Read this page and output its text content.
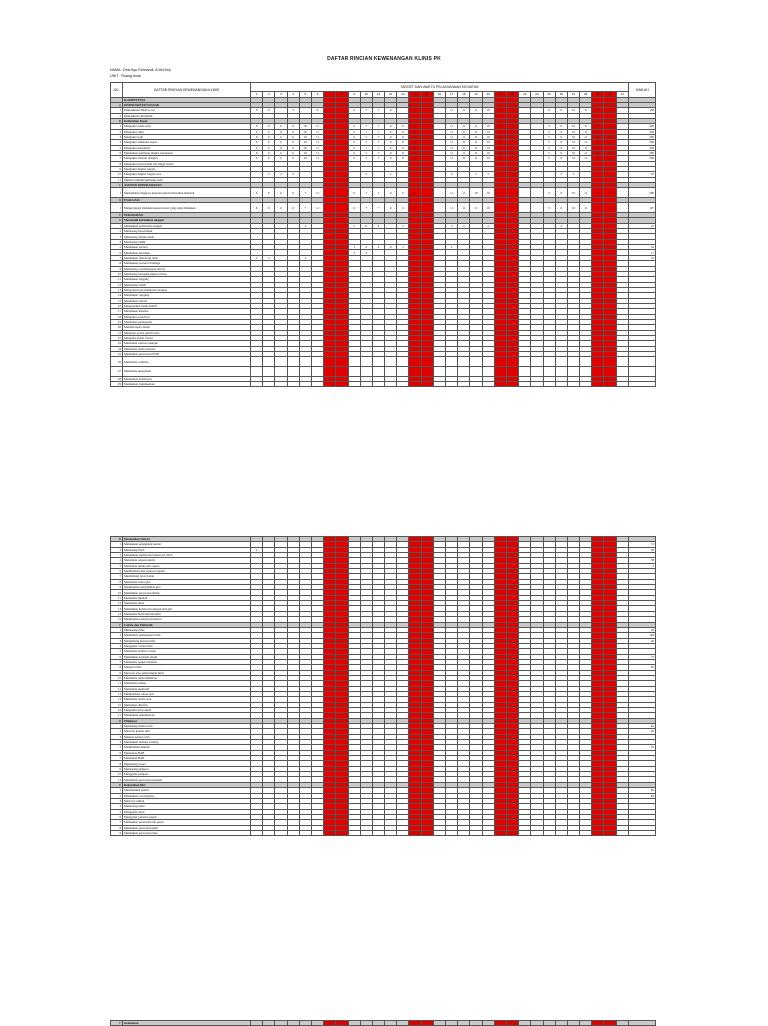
DAFTAR RINCIAN KEWENANGAN KLINIS PK
NAMA : Desi Ayu Febriandi, A.Md.Kep
UNIT : Ruang Anak
NO.	DAFTAR RINCIAN KEWENANGAN KLINIS	TARGET DAN WAKTU PELAKSANAAN KEGIATAN																															JUMLAH
		1	2	3	4	5	6	7	8	9	10	11	12	13	14	15	16	17	18	19	20	21	22	23	24	25	26	27	28	29	30	31	
	KOMPETENSI																																
A	KEPERAWATAN DASAR																																
1	Pemeriksaan Head to toe	6	6		5		6			6	7	7	9		9			11	11	11	10	9	6			6	6	10	11	11	6		158
2	Pemeriksaan Perineum																																
B	Kebutuhan Dasar																																
1	Mengukur tanda vital	6	6	6	6	10	11			6	7	7	9	9	8			11	11	11	10	9	6			5	6	10	11	11	6		200
2	Mengukur suhu	6	6	6	6	10	11			6	7	7	9	9	8			11	11	11	10	9	6			5	6	10	11	11	6		200
3	Mengukur nadi	6	6	6	6	10	11			6	7	7	9	9	8			11	11	11	10	9	6			5	6	10	11	11	6		200
4	Mengukur frekuensi napas	6	6	6	6	10	11			6	7	7	9	9	8			11	11	11	10	9	6			5	6	10	11	11	6		200
5	Mengukur kesadaran	6	6	6	6	10	11			6	7	7	9	9	8			11	11	11	10	9	6			5	6	10	11	11	6		200
6	Melakukan penilaian tingkat kesadaran	6	6	6	6	10	11			6	7	7	9	9	8			11	11	11	10	9	6			5	6	10	11	11	6		200
7	Mengukur saturasi oksigen	6	6	6	6	10	11			6	7	7	9	9	8			11	11	11	10	9	6			5	6	10	11	11	6		200
8	Mengukur berat badan dan tinggi badan																																
9	Mengukur lingkar kepala																																
10	Mengukur lingkar lengan atas		2	2	2						2		2					2		2	2	2	2				2	2					45
11	Menilai tumbuh kembang anak																																
C	ASUHAN KEPERAWATAN																																
1	Menentukan diagnosa keperawatan berdasarkan masalah	6	6	6	6	7	11			6	7	7	9	9	8			11	11	10	10	8	6			5	6	10	11	11	6		200
D	EVALUASI																																
1	Mengevaluasi tindakan keperawatan yang telah dilakukan	6	6	6	6	7	11			6	7	7	9	9	8			11	11	9	10	8	6			5	6	10	11	11	6		197
E	PERAWATAN																																
A	Memenuhi kebutuhan oksigen																																
1	Melakukan pemberian oksigen					2				5	6	6		5				3	3		2						2						47
2	Memasang nasal kanul																																
3	Memasang simple mask																																
4	Memasang NRM																																
5	Melakukan suction									3	4	6	6	3				2															34
6	Melakukan nebulizer									3	3																						17
7	Melakukan fisioterapi dada	2	2			2																											10
8	Melakukan postural drainage																																
9	Memasang oropharyngeal airway																																
10	Memasang nasopharyngeal airway																																
11	Melakukan bagging																																
12	Memasang CPAP																																
13	Mengobservasi pemberian oksigen																																
14	Melakukan clapping																																
15	Melakukan vibrasi																																
16	Mengajarkan batuk efektif																																
17	Melakukan inhalasi																																
18	Mengukur peak flow																																
19	Memantau pernapasan																																
20	Melatih napas dalam																																
21	Mengatur posisi semi fowler																																
22	Mengatur posisi fowler																																
23	Memantau saturasi oksigen																																
24	Memantau tanda sianosis																																
25	Melakukan perawatan WSD																																
26	Memantau ventilasi																																
27	Memantau oksigenasi																																
28	Melakukan kolaborasi																																
29	Melakukan dokumentasi																																
B	Pemenuhan Nutrisi																																
1	Melakukan pengkajian nutrisi																																51
2	Memasang NGT	2																															50
3	Melakukan pemberian makan per NGT																																
4	Memantau asupan nutrisi																																38
5	Memantau intake dan output																																5
6	Memberikan diet sesuai program																																
7	Menimbang berat badan																																
8	Memantau status gizi																																
9	Memberikan penyuluhan gizi																																
10	Melakukan perawatan mulut																																
11	Memantau muntah																																
12	Memantau diare																																
13	Melakukan kolaborasi dengan ahli gizi																																
14	Memantau hasil laboratorium																																
15	Memberikan nutrisi parenteral																																
C	Cairan dan Elektrolit																																
1	Memasang infus																																28
2	Melakukan pemantauan infus																																128
3	Menghitung tetesan infus																																20
4	Mengganti cairan infus																																
5	Memantau balance cairan																																
6	Melakukan transfusi darah																																75
7	Memantau reaksi transfusi																																
8	Melepas infus																																95
9	Merawat area pemasangan infus																																
10	Memantau tanda dehidrasi																																
11	Memantau edema																																
12	Memantau elektrolit																																
13	Memberikan cairan oral																																
14	Memantau tanda syok																																
15	Memantau diuresis																																
16	Mengukur urin output																																
17	Melakukan dokumentasi																																
D	Eliminasi																																
1	Memasang kateter urin																																44
2	Merawat kateter urin																																20
3	Melepas kateter urin																																
4	Melakukan bladder training																																
5	Memberikan huknah																																35
6	Memantau BAB																																
7	Memantau BAK																																
8	Memasang pispot																																
9	Memasang pampers																																
10	Mengganti pampers																																
11	Melakukan perawatan perineal																																
E	Kebersihan Diri																																
1	Memandikan pasien																																85
2	Melakukan oral hygiene																																85
3	Mencuci rambut																																
4	Memotong kuku																																
5	Mengganti linen																																
6	Mengganti pakaian pasien																																
7	Melakukan perawatan tali pusat																																
8	Melakukan perawatan kulit																																
9	Melakukan perawatan luka																																
F	Keamanan																																
